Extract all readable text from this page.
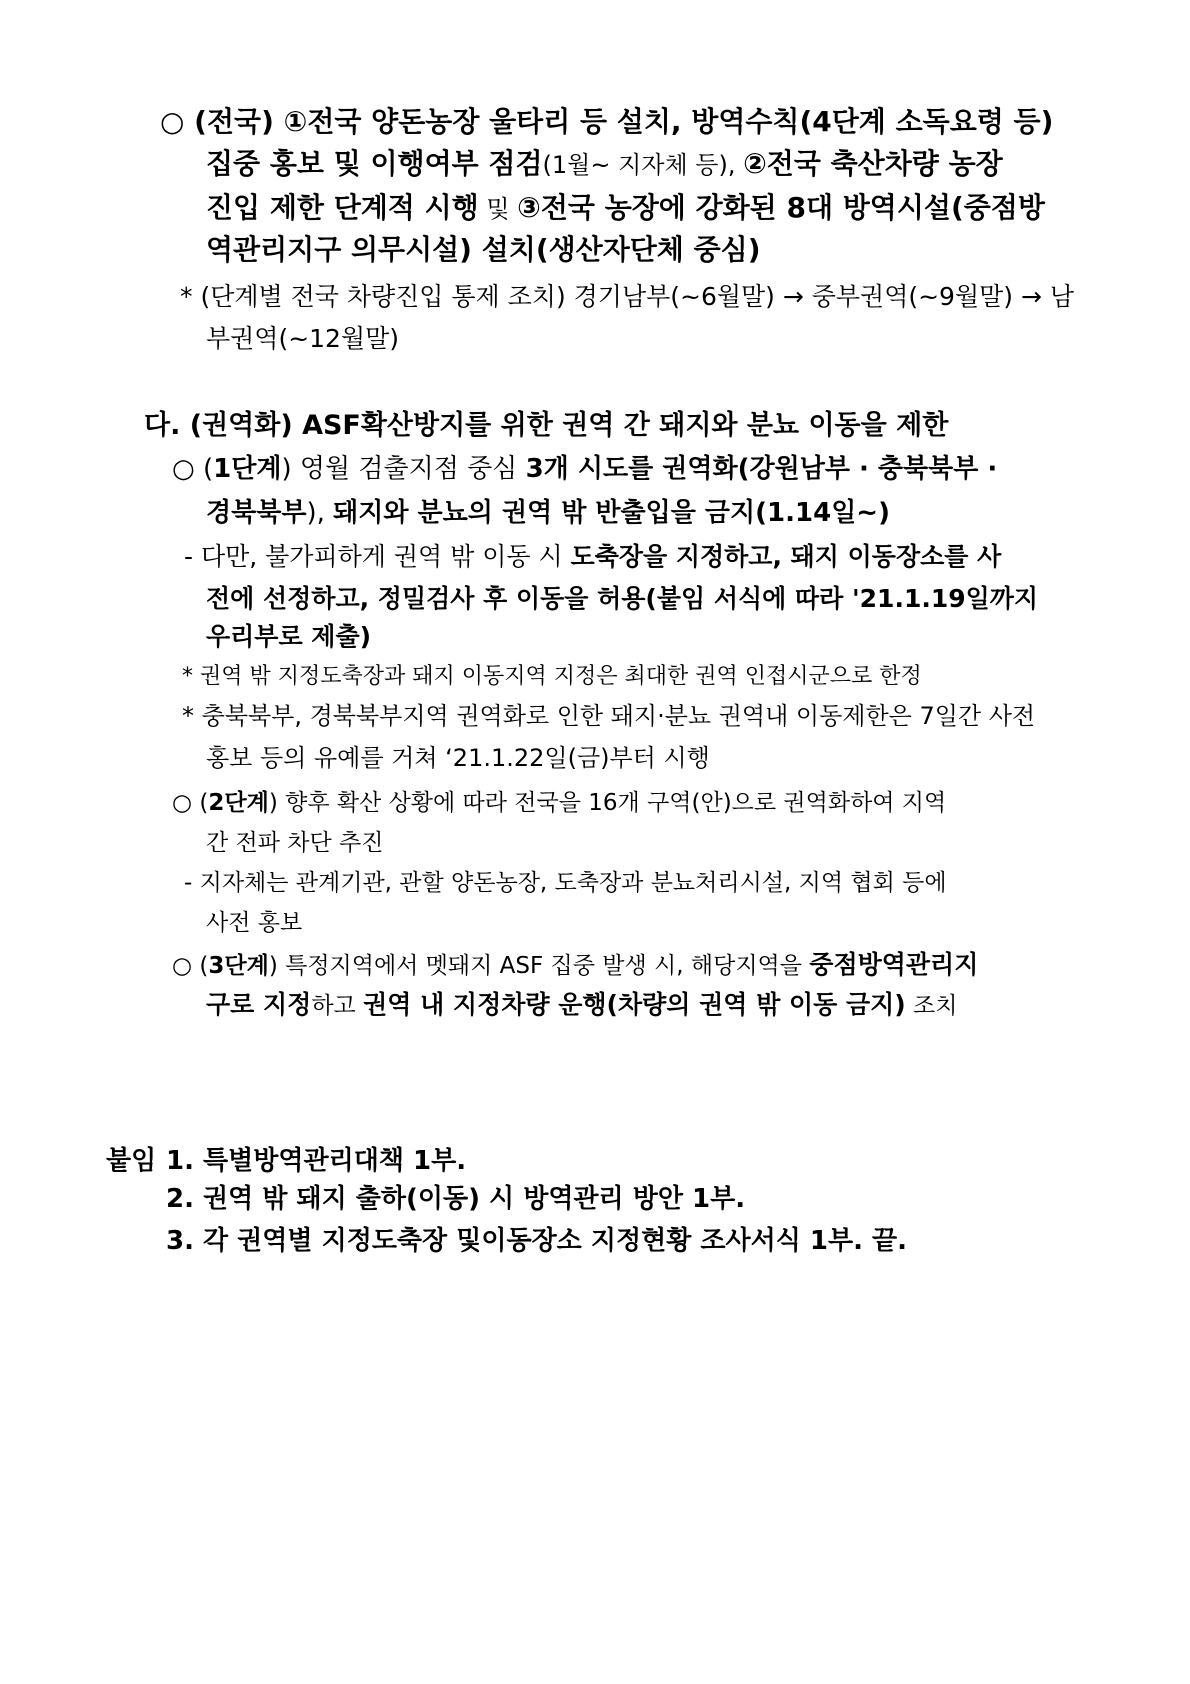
○ (전국) ①전국 양돈농장 울타리 등 설치, 방역수칙(4단계 소독요령 등)
집중 홍보 및 이행여부 점검(1월~ 지자체 등), ②전국 축산차량 농장
진입 제한 단계적 시행 및 ③전국 농장에 강화된 8대 방역시설(중점방
역관리지구 의무시설) 설치(생산자단체 중심)
* (단계별 전국 차량진입 통제 조치) 경기남부(~6월말) → 중부권역(~9월말) → 남
부권역(~12월말)
다. (권역화) ASF확산방지를 위한 권역 간 돼지와 분뇨 이동을 제한
○ (1단계) 영월 검출지점 중심 3개 시도를 권역화(강원남부 · 충북북부 ·
경북북부), 돼지와 분뇨의 권역 밖 반출입을 금지(1.14일~)
- 다만, 불가피하게 권역 밖 이동 시 도축장을 지정하고, 돼지 이동장소를 사
전에 선정하고, 정밀검사 후 이동을 허용(붙임 서식에 따라 '21.1.19일까지
우리부로 제출)
* 권역 밖 지정도축장과 돼지 이동지역 지정은 최대한 권역 인접시군으로 한정
* 충북북부, 경북북부지역 권역화로 인한 돼지·분뇨 권역내 이동제한은 7일간 사전
홍보 등의 유예를 거쳐 ‘21.1.22일(금)부터 시행
○ (2단계) 향후 확산 상황에 따라 전국을 16개 구역(안)으로 권역화하여 지역
간 전파 차단 추진
- 지자체는 관계기관, 관할 양돈농장, 도축장과 분뇨처리시설, 지역 협회 등에
사전 홍보
○ (3단계) 특정지역에서 멧돼지 ASF 집중 발생 시, 해당지역을 중점방역관리지
구로 지정하고 권역 내 지정차량 운행(차량의 권역 밖 이동 금지) 조치
붙임 1. 특별방역관리대책 1부.
2. 권역 밖 돼지 출하(이동) 시 방역관리 방안 1부.
3. 각 권역별 지정도축장 및이동장소 지정현황 조사서식 1부. 끝.
